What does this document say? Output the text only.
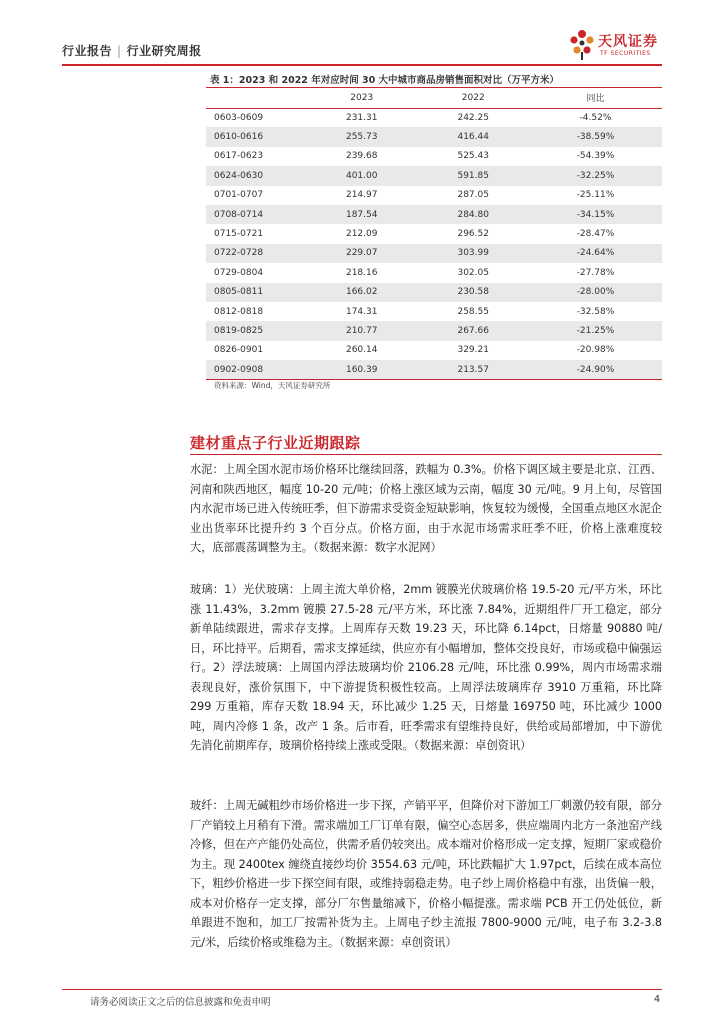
行业报告 | 行业研究周报
天风证券
TF SECURITIES
表 1：2023 和 2022 年对应时间 30 大中城市商品房销售面积对比（万平方米）
	2023	2022	同比
0603-0609	231.31	242.25	-4.52%
0610-0616	255.73	416.44	-38.59%
0617-0623	239.68	525.43	-54.39%
0624-0630	401.00	591.85	-32.25%
0701-0707	214.97	287.05	-25.11%
0708-0714	187.54	284.80	-34.15%
0715-0721	212.09	296.52	-28.47%
0722-0728	229.07	303.99	-24.64%
0729-0804	218.16	302.05	-27.78%
0805-0811	166.02	230.58	-28.00%
0812-0818	174.31	258.55	-32.58%
0819-0825	210.77	267.66	-21.25%
0826-0901	260.14	329.21	-20.98%
0902-0908	160.39	213.57	-24.90%
资料来源：Wind，天风证券研究所
建材重点子行业近期跟踪
水泥：上周全国水泥市场价格环比继续回落，跌幅为 0.3%。价格下调区域主要是北京、江西、河南和陕西地区，幅度 10-20 元/吨；价格上涨区域为云南，幅度 30 元/吨。9 月上旬，尽管国内水泥市场已进入传统旺季，但下游需求受资金短缺影响，恢复较为缓慢，全国重点地区水泥企业出货率环比提升约 3 个百分点。价格方面，由于水泥市场需求旺季不旺，价格上涨难度较大，底部震荡调整为主。（数据来源：数字水泥网）
玻璃：1）光伏玻璃：上周主流大单价格，2mm 镀膜光伏玻璃价格 19.5-20 元/平方米，环比涨 11.43%，3.2mm 镀膜 27.5-28 元/平方米，环比涨 7.84%，近期组件厂开工稳定，部分新单陆续跟进，需求存支撑。上周库存天数 19.23 天，环比降 6.14pct，日熔量 90880 吨/日，环比持平。后期看，需求支撑延续，供应亦有小幅增加，整体交投良好，市场或稳中偏强运行。2）浮法玻璃：上周国内浮法玻璃均价 2106.28 元/吨，环比涨 0.99%，周内市场需求端表现良好，涨价氛围下，中下游提货积极性较高。上周浮法玻璃库存 3910 万重箱，环比降 299 万重箱，库存天数 18.94 天，环比减少 1.25 天，日熔量 169750 吨，环比减少 1000 吨，周内冷修 1 条，改产 1 条。后市看，旺季需求有望维持良好，供给或局部增加，中下游优先消化前期库存，玻璃价格持续上涨或受限。（数据来源：卓创资讯）
玻纤：上周无碱粗纱市场价格进一步下探，产销平平，但降价对下游加工厂刺激仍较有限，部分厂产销较上月稍有下滑。需求端加工厂订单有限，偏空心态居多，供应端周内北方一条池窑产线冷修，但在产产能仍处高位，供需矛盾仍较突出。成本端对价格形成一定支撑，短期厂家或稳价为主。现 2400tex 缠绕直接纱均价 3554.63 元/吨，环比跌幅扩大 1.97pct，后续在成本高位下，粗纱价格进一步下探空间有限，或维持弱稳走势。电子纱上周价格稳中有涨，出货偏一般，成本对价格存一定支撑，部分厂尔售量缩减下，价格小幅提涨。需求端 PCB 开工仍处低位，新单跟进不饱和，加工厂按需补货为主。上周电子纱主流报 7800-9000 元/吨，电子布 3.2-3.8 元/米，后续价格或维稳为主。（数据来源：卓创资讯）
请务必阅读正文之后的信息披露和免责申明	4
